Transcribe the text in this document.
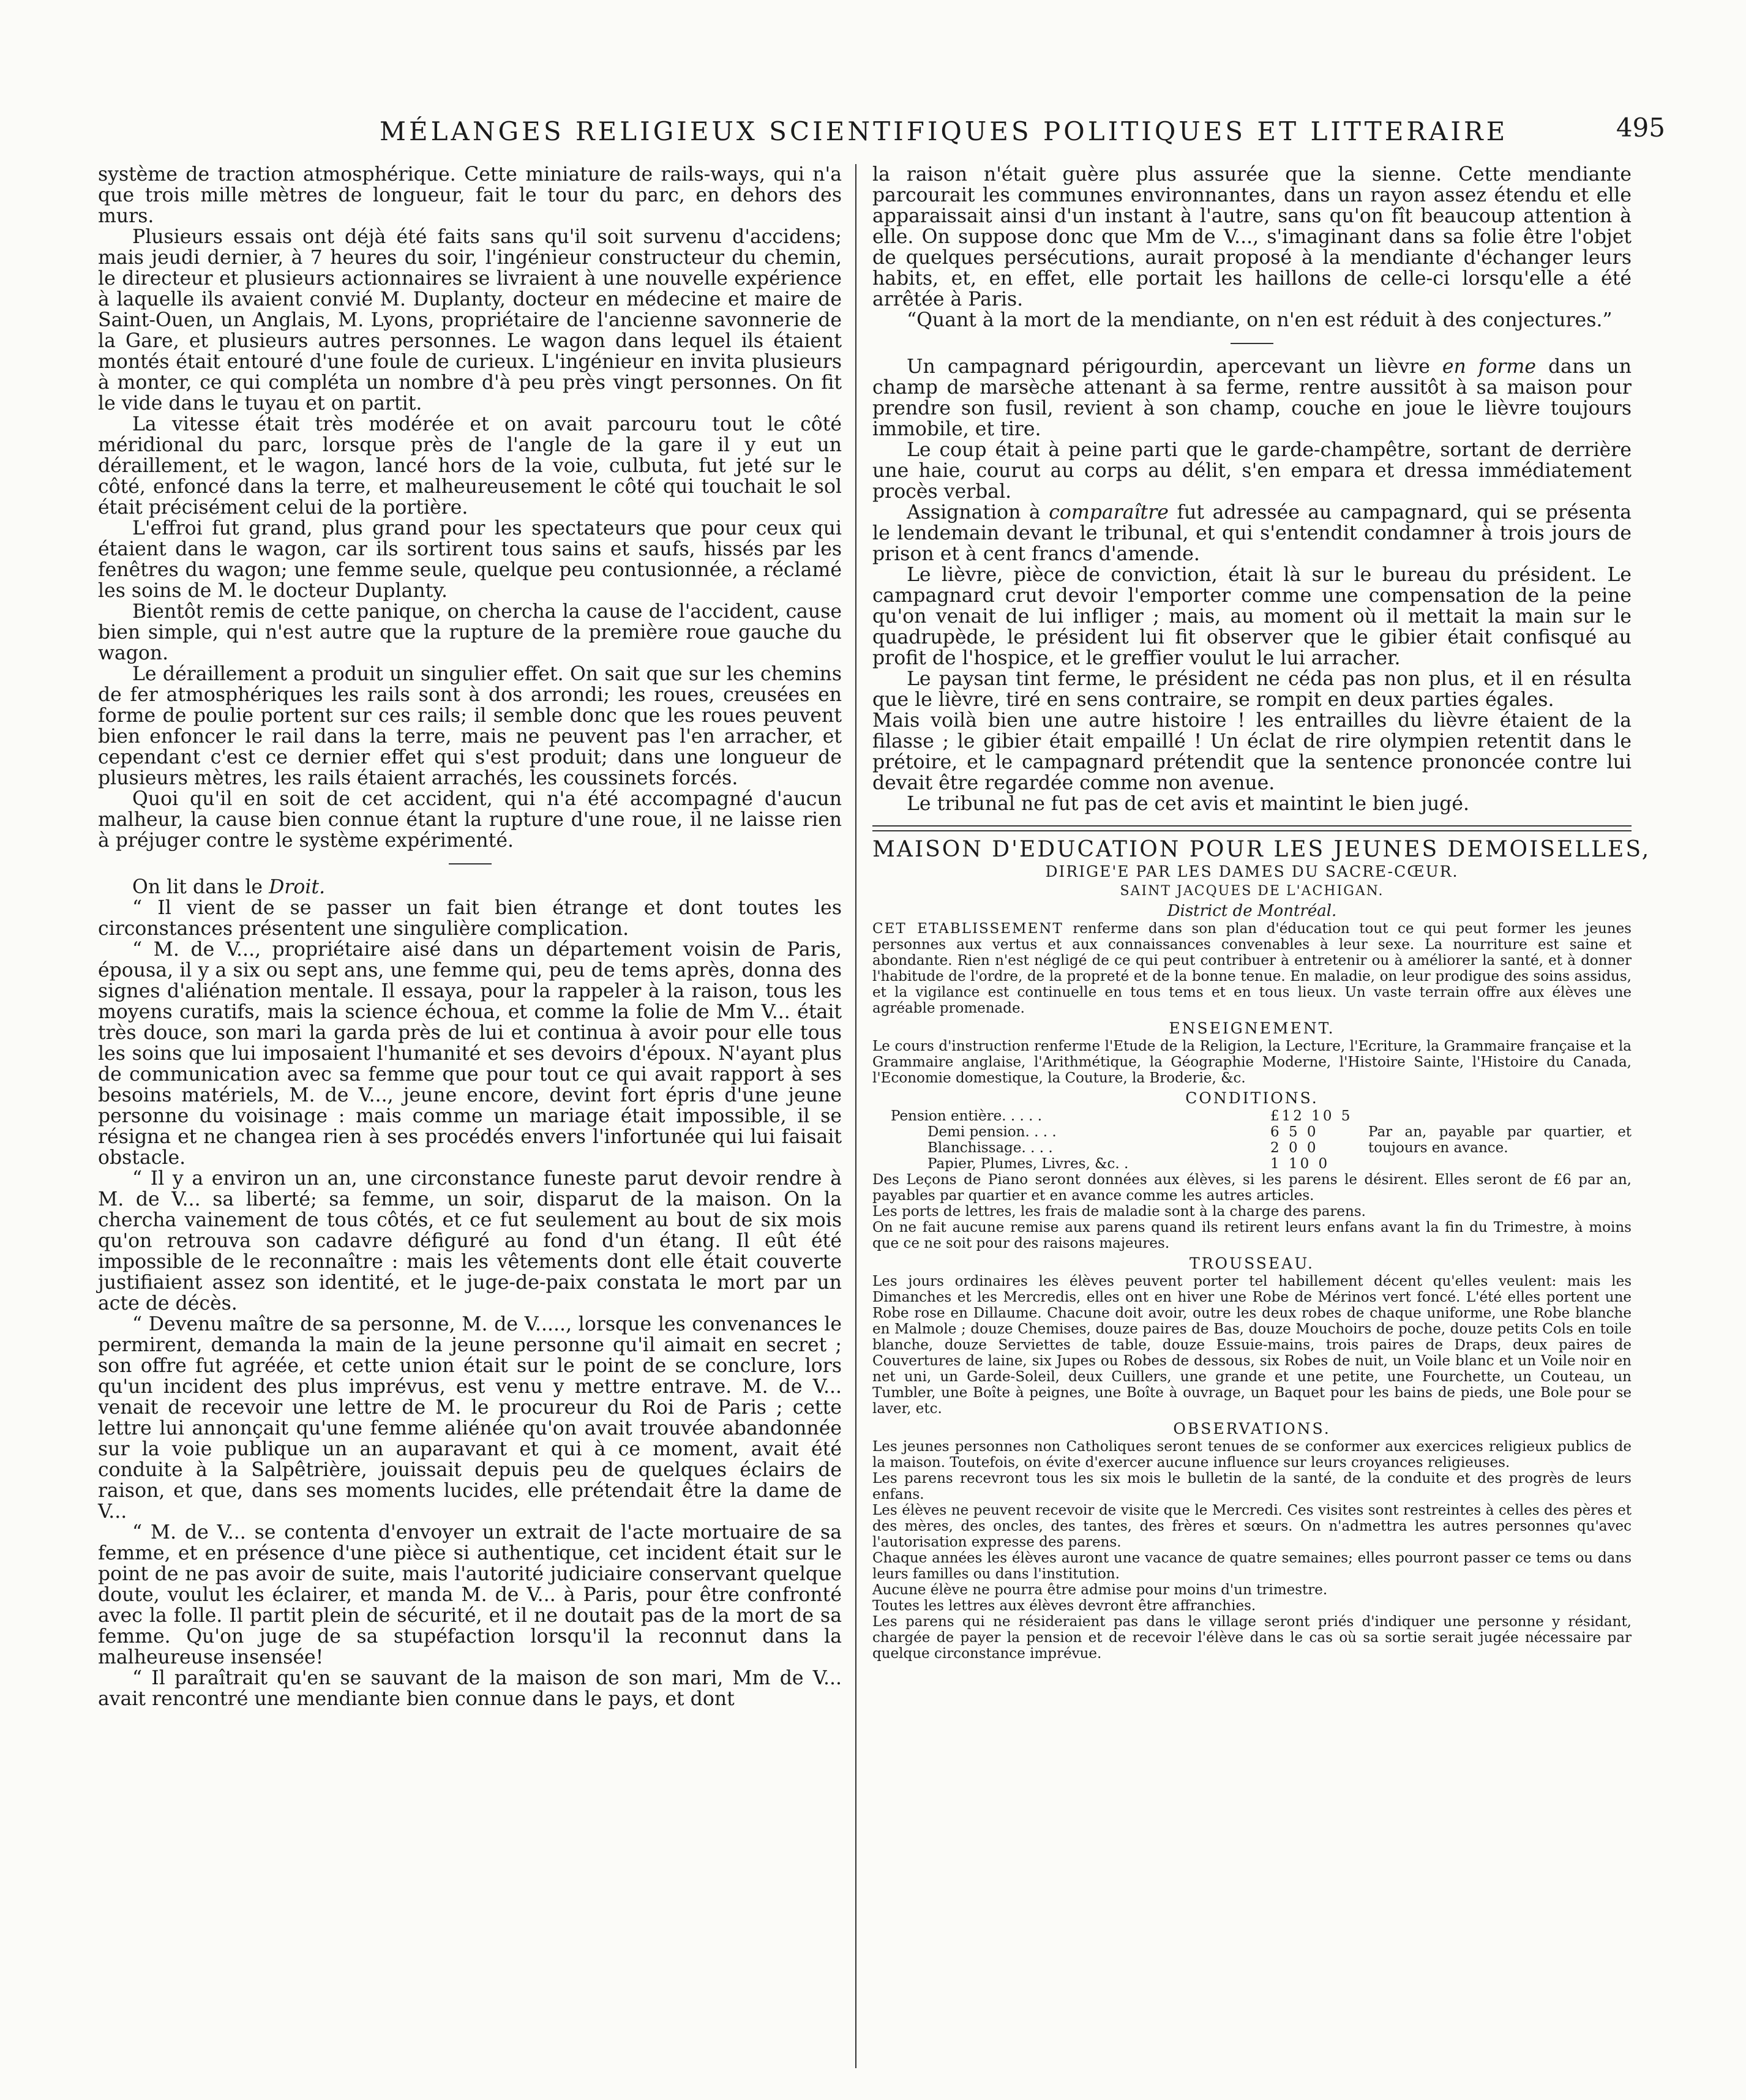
MÉLANGES RELIGIEUX SCIENTIFIQUES POLITIQUES ET LITTERAIRE	495

système de traction atmosphérique. Cette miniature de rails-ways, qui n'a que trois mille mètres de longueur, fait le tour du parc, en dehors des murs.

Plusieurs essais ont déjà été faits sans qu'il soit survenu d'accidens; mais jeudi dernier, à 7 heures du soir, l'ingénieur constructeur du chemin, le directeur et plusieurs actionnaires se livraient à une nouvelle expérience à laquelle ils avaient convié M. Duplanty, docteur en médecine et maire de Saint-Ouen, un Anglais, M. Lyons, propriétaire de l'ancienne savonnerie de la Gare, et plusieurs autres personnes. Le wagon dans lequel ils étaient montés était entouré d'une foule de curieux. L'ingénieur en invita plusieurs à monter, ce qui compléta un nombre d'à peu près vingt personnes. On fit le vide dans le tuyau et on partit.

La vitesse était très modérée et on avait parcouru tout le côté méridional du parc, lorsque près de l'angle de la gare il y eut un déraillement, et le wagon, lancé hors de la voie, culbuta, fut jeté sur le côté, enfoncé dans la terre, et malheureusement le côté qui touchait le sol était précisément celui de la portière.

L'effroi fut grand, plus grand pour les spectateurs que pour ceux qui étaient dans le wagon, car ils sortirent tous sains et saufs, hissés par les fenêtres du wagon; une femme seule, quelque peu contusionnée, a réclamé les soins de M. le docteur Duplanty.

Bientôt remis de cette panique, on chercha la cause de l'accident, cause bien simple, qui n'est autre que la rupture de la première roue gauche du wagon.

Le déraillement a produit un singulier effet. On sait que sur les chemins de fer atmosphériques les rails sont à dos arrondi; les roues, creusées en forme de poulie portent sur ces rails; il semble donc que les roues peuvent bien enfoncer le rail dans la terre, mais ne peuvent pas l'en arracher, et cependant c'est ce dernier effet qui s'est produit; dans une longueur de plusieurs mètres, les rails étaient arrachés, les coussinets forcés.

Quoi qu'il en soit de cet accident, qui n'a été accompagné d'aucun malheur, la cause bien connue étant la rupture d'une roue, il ne laisse rien à préjuger contre le système expérimenté.

On lit dans le Droit.

“ Il vient de se passer un fait bien étrange et dont toutes les circonstances présentent une singulière complication.

“ M. de V..., propriétaire aisé dans un département voisin de Paris, épousa, il y a six ou sept ans, une femme qui, peu de tems après, donna des signes d'aliénation mentale. Il essaya, pour la rappeler à la raison, tous les moyens curatifs, mais la science échoua, et comme la folie de Mm V... était très douce, son mari la garda près de lui et continua à avoir pour elle tous les soins que lui imposaient l'humanité et ses devoirs d'époux. N'ayant plus de communication avec sa femme que pour tout ce qui avait rapport à ses besoins matériels, M. de V..., jeune encore, devint fort épris d'une jeune personne du voisinage : mais comme un mariage était impossible, il se résigna et ne changea rien à ses procédés envers l'infortunée qui lui faisait obstacle.

“ Il y a environ un an, une circonstance funeste parut devoir rendre à M. de V... sa liberté; sa femme, un soir, disparut de la maison. On la chercha vainement de tous côtés, et ce fut seulement au bout de six mois qu'on retrouva son cadavre défiguré au fond d'un étang. Il eût été impossible de le reconnaître : mais les vêtements dont elle était couverte justifiaient assez son identité, et le juge-de-paix constata le mort par un acte de décès.

“ Devenu maître de sa personne, M. de V....., lorsque les convenances le permirent, demanda la main de la jeune personne qu'il aimait en secret ; son offre fut agréée, et cette union était sur le point de se conclure, lors qu'un incident des plus imprévus, est venu y mettre entrave. M. de V... venait de recevoir une lettre de M. le procureur du Roi de Paris ; cette lettre lui annonçait qu'une femme aliénée qu'on avait trouvée abandonnée sur la voie publique un an auparavant et qui à ce moment, avait été conduite à la Salpêtrière, jouissait depuis peu de quelques éclairs de raison, et que, dans ses moments lucides, elle prétendait être la dame de V...

“ M. de V... se contenta d'envoyer un extrait de l'acte mortuaire de sa femme, et en présence d'une pièce si authentique, cet incident était sur le point de ne pas avoir de suite, mais l'autorité judiciaire conservant quelque doute, voulut les éclairer, et manda M. de V... à Paris, pour être confronté avec la folle. Il partit plein de sécurité, et il ne doutait pas de la mort de sa femme. Qu'on juge de sa stupéfaction lorsqu'il la reconnut dans la malheureuse insensée!

“ Il paraîtrait qu'en se sauvant de la maison de son mari, Mm de V... avait rencontré une mendiante bien connue dans le pays, et dont

la raison n'était guère plus assurée que la sienne. Cette mendiante parcourait les communes environnantes, dans un rayon assez étendu et elle apparaissait ainsi d'un instant à l'autre, sans qu'on fît beaucoup attention à elle. On suppose donc que Mm de V..., s'imaginant dans sa folie être l'objet de quelques persécutions, aurait proposé à la mendiante d'échanger leurs habits, et, en effet, elle portait les haillons de celle-ci lorsqu'elle a été arrêtée à Paris.

“Quant à la mort de la mendiante, on n'en est réduit à des conjectures.”

Un campagnard périgourdin, apercevant un lièvre en forme dans un champ de marsèche attenant à sa ferme, rentre aussitôt à sa maison pour prendre son fusil, revient à son champ, couche en joue le lièvre toujours immobile, et tire.

Le coup était à peine parti que le garde-champêtre, sortant de derrière une haie, courut au corps au délit, s'en empara et dressa immédiatement procès verbal.

Assignation à comparaître fut adressée au campagnard, qui se présenta le lendemain devant le tribunal, et qui s'entendit condamner à trois jours de prison et à cent francs d'amende.

Le lièvre, pièce de conviction, était là sur le bureau du président. Le campagnard crut devoir l'emporter comme une compensation de la peine qu'on venait de lui infliger ; mais, au moment où il mettait la main sur le quadrupède, le président lui fit observer que le gibier était confisqué au profit de l'hospice, et le greffier voulut le lui arracher.

Le paysan tint ferme, le président ne céda pas non plus, et il en résulta que le lièvre, tiré en sens contraire, se rompit en deux parties égales.

Mais voilà bien une autre histoire ! les entrailles du lièvre étaient de la filasse ; le gibier était empaillé ! Un éclat de rire olympien retentit dans le prétoire, et le campagnard prétendit que la sentence prononcée contre lui devait être regardée comme non avenue.

Le tribunal ne fut pas de cet avis et maintint le bien jugé.

MAISON D'EDUCATION POUR LES JEUNES DEMOISELLES,
DIRIGE'E PAR LES DAMES DU SACRE-CŒUR.
SAINT JACQUES DE L'ACHIGAN.
District de Montréal.

CET ETABLISSEMENT renferme dans son plan d'éducation tout ce qui peut former les jeunes personnes aux vertus et aux connaissances convenables à leur sexe. La nourriture est saine et abondante. Rien n'est négligé de ce qui peut contribuer à entretenir ou à améliorer la santé, et à donner l'habitude de l'ordre, de la propreté et de la bonne tenue. En maladie, on leur prodigue des soins assidus, et la vigilance est continuelle en tous tems et en tous lieux. Un vaste terrain offre aux élèves une agréable promenade.

ENSEIGNEMENT.

Le cours d'instruction renferme l'Etude de la Religion, la Lecture, l'Ecriture, la Grammaire française et la Grammaire anglaise, l'Arithmétique, la Géographie Moderne, l'Histoire Sainte, l'Histoire du Canada, l'Economie domestique, la Couture, la Broderie, &c.

CONDITIONS.
Pension entière. . . . .	£12 10 5	
Demi pension. . . .	6 5 0	Par an, payable par quartier, et toujours en avance.
Blanchissage. . . .	2 0 0	
Papier, Plumes, Livres, &c. .	1 10 0	

Des Leçons de Piano seront données aux élèves, si les parens le désirent. Elles seront de £6 par an, payables par quartier et en avance comme les autres articles.

Les ports de lettres, les frais de maladie sont à la charge des parens.

On ne fait aucune remise aux parens quand ils retirent leurs enfans avant la fin du Trimestre, à moins que ce ne soit pour des raisons majeures.

TROUSSEAU.

Les jours ordinaires les élèves peuvent porter tel habillement décent qu'elles veulent: mais les Dimanches et les Mercredis, elles ont en hiver une Robe de Mérinos vert foncé. L'été elles portent une Robe rose en Dillaume. Chacune doit avoir, outre les deux robes de chaque uniforme, une Robe blanche en Malmole ; douze Chemises, douze paires de Bas, douze Mouchoirs de poche, douze petits Cols en toile blanche, douze Serviettes de table, douze Essuie-mains, trois paires de Draps, deux paires de Couvertures de laine, six Jupes ou Robes de dessous, six Robes de nuit, un Voile blanc et un Voile noir en net uni, un Garde-Soleil, deux Cuillers, une grande et une petite, une Fourchette, un Couteau, un Tumbler, une Boîte à peignes, une Boîte à ouvrage, un Baquet pour les bains de pieds, une Bole pour se laver, etc.

OBSERVATIONS.

Les jeunes personnes non Catholiques seront tenues de se conformer aux exercices religieux publics de la maison. Toutefois, on évite d'exercer aucune influence sur leurs croyances religieuses.

Les parens recevront tous les six mois le bulletin de la santé, de la conduite et des progrès de leurs enfans.

Les élèves ne peuvent recevoir de visite que le Mercredi. Ces visites sont restreintes à celles des pères et des mères, des oncles, des tantes, des frères et sœurs. On n'admettra les autres personnes qu'avec l'autorisation expresse des parens.

Chaque années les élèves auront une vacance de quatre semaines; elles pourront passer ce tems ou dans leurs familles ou dans l'institution.

Aucune élève ne pourra être admise pour moins d'un trimestre.

Toutes les lettres aux élèves devront être affranchies.

Les parens qui ne résideraient pas dans le village seront priés d'indiquer une personne y résidant, chargée de payer la pension et de recevoir l'élève dans le cas où sa sortie serait jugée nécessaire par quelque circonstance imprévue.
